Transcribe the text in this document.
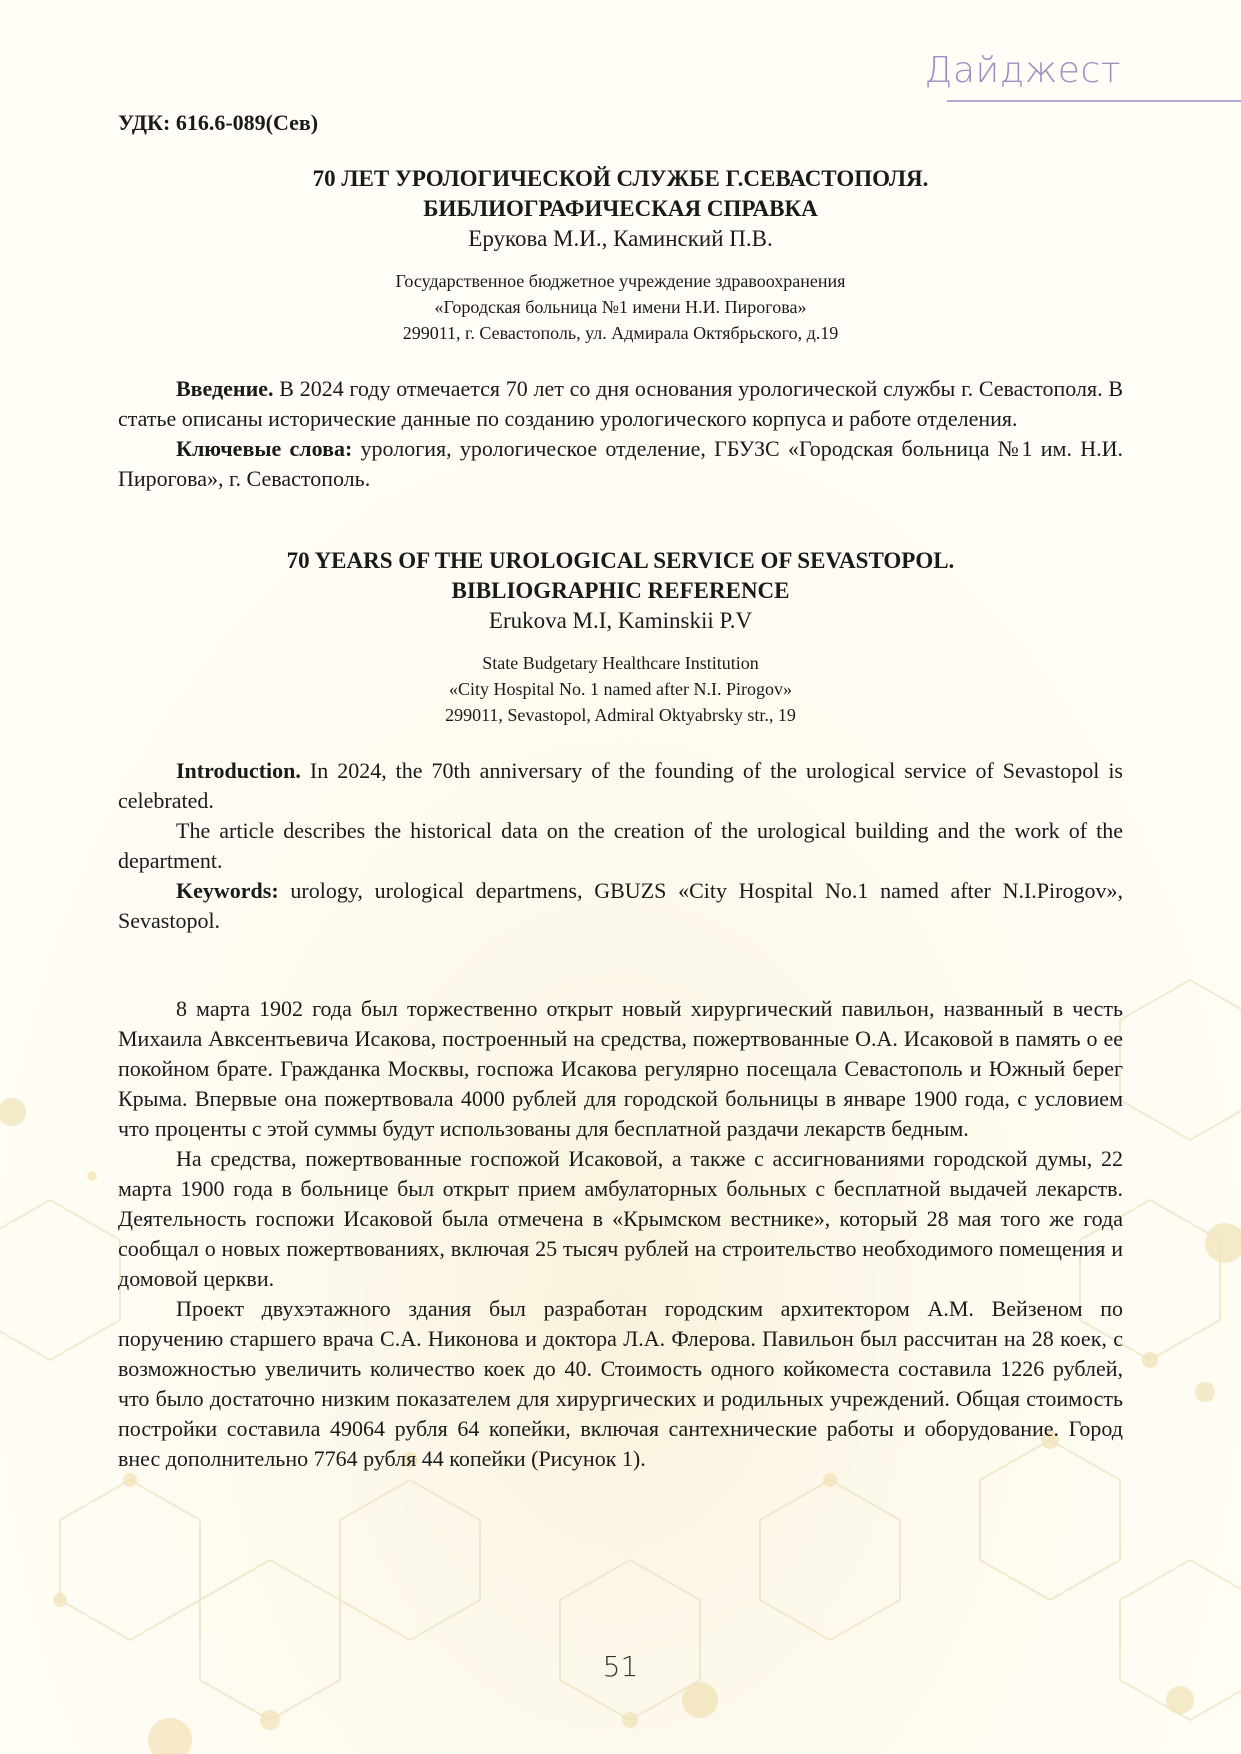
Дайджест

УДК: 616.6-089(Сев)

70 ЛЕТ УРОЛОГИЧЕСКОЙ СЛУЖБЕ Г.СЕВАСТОПОЛЯ.

БИБЛИОГРАФИЧЕСКАЯ СПРАВКА

Ерукова М.И., Каминский П.В.

Государственное бюджетное учреждение здравоохранения
«Городская больница №1 имени Н.И. Пирогова»
299011, г. Севастополь, ул. Адмирала Октябрьского, д.19

Введение. В 2024 году отмечается 70 лет со дня основания урологической службы г. Севастополя. В статье описаны исторические данные по созданию урологического корпуса и работе отделения.

Ключевые слова: урология, урологическое отделение, ГБУЗС «Городская больница №1 им. Н.И. Пирогова», г. Севастополь.

70 YEARS OF THE UROLOGICAL SERVICE OF SEVASTOPOL.

BIBLIOGRAPHIC REFERENCE

Erukova M.I, Kaminskii P.V

State Budgetary Healthcare Institution
«City Hospital No. 1 named after N.I. Pirogov»
299011, Sevastopol, Admiral Oktyabrsky str., 19

Introduction. In 2024, the 70th anniversary of the founding of the urological service of Sevastopol is celebrated.

The article describes the historical data on the creation of the urological building and the work of the department.

Keywords: urology, urological departmens, GBUZS «City Hospital No.1 named after N.I.Pirogov», Sevastopol.

8 марта 1902 года был торжественно открыт новый хирургический павильон, названный в честь Михаила Авксентьевича Исакова, построенный на средства, пожертвованные О.А. Исаковой в память о ее покойном брате. Гражданка Москвы, госпожа Исакова регулярно посещала Севастополь и Южный берег Крыма. Впервые она пожертвовала 4000 рублей для городской больницы в январе 1900 года, с условием что проценты с этой суммы будут использованы для бесплатной раздачи лекарств бедным.

На средства, пожертвованные госпожой Исаковой, а также с ассигнованиями городской думы, 22 марта 1900 года в больнице был открыт прием амбулаторных больных с бесплатной выдачей лекарств. Деятельность госпожи Исаковой была отмечена в «Крымском вестнике», который 28 мая того же года сообщал о новых пожертвованиях, включая 25 тысяч рублей на строительство необходимого помещения и домовой церкви.

Проект двухэтажного здания был разработан городским архитектором А.М. Вейзеном по поручению старшего врача С.А. Никонова и доктора Л.А. Флерова. Павильон был рассчитан на 28 коек, с возможностью увеличить количество коек до 40. Стоимость одного койкоместа составила 1226 рублей, что было достаточно низким показателем для хирургических и родильных учреждений. Общая стоимость постройки составила 49064 рубля 64 копейки, включая сантехнические работы и оборудование. Город внес дополнительно 7764 рубля 44 копейки (Рисунок 1).

51
